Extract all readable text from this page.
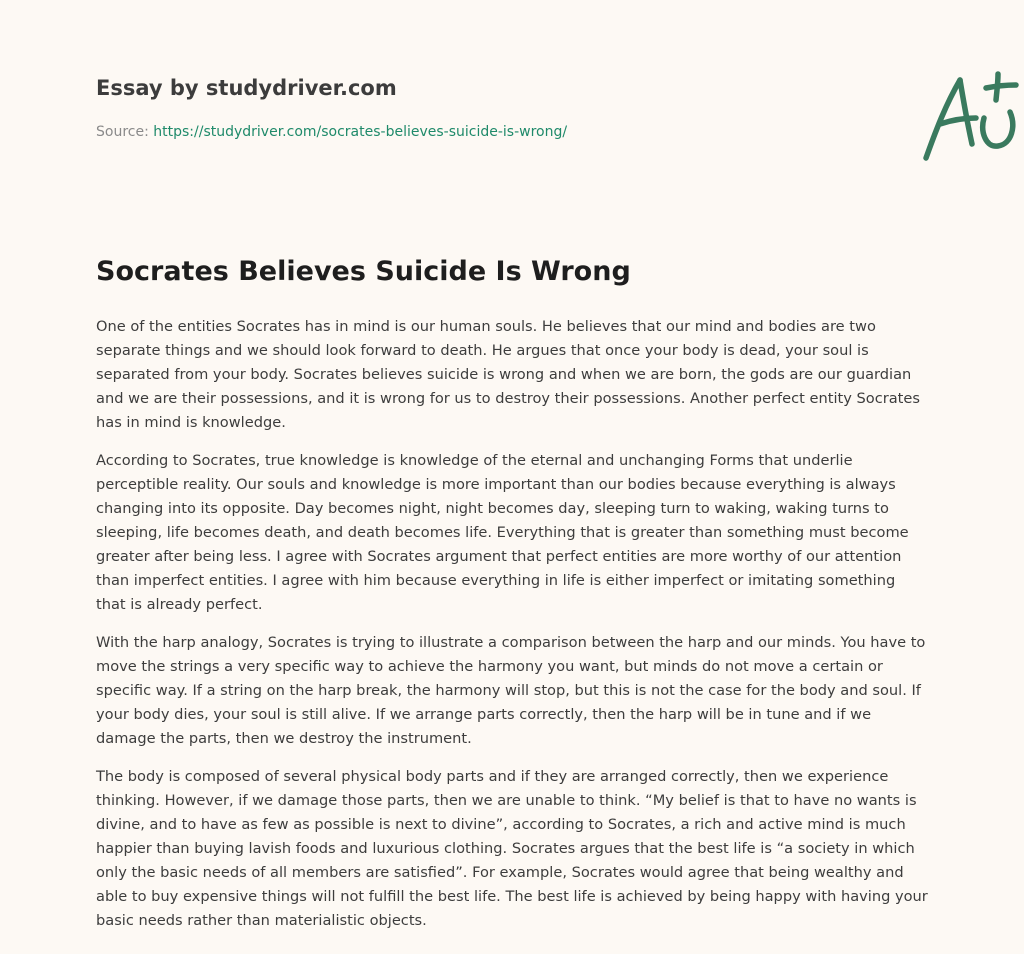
Essay by studydriver.com
Source: https://studydriver.com/socrates-believes-suicide-is-wrong/
Socrates Believes Suicide Is Wrong

One of the entities Socrates has in mind is our human souls. He believes that our mind and bodies are two separate things and we should look forward to death. He argues that once your body is dead, your soul is separated from your body. Socrates believes suicide is wrong and when we are born, the gods are our guardian and we are their possessions, and it is wrong for us to destroy their possessions. Another perfect entity Socrates has in mind is knowledge.

According to Socrates, true knowledge is knowledge of the eternal and unchanging Forms that underlie perceptible reality. Our souls and knowledge is more important than our bodies because everything is always changing into its opposite. Day becomes night, night becomes day, sleeping turn to waking, waking turns to sleeping, life becomes death, and death becomes life. Everything that is greater than something must become greater after being less. I agree with Socrates argument that perfect entities are more worthy of our attention than imperfect entities. I agree with him because everything in life is either imperfect or imitating something that is already perfect.

With the harp analogy, Socrates is trying to illustrate a comparison between the harp and our minds. You have to move the strings a very specific way to achieve the harmony you want, but minds do not move a certain or specific way. If a string on the harp break, the harmony will stop, but this is not the case for the body and soul. If your body dies, your soul is still alive. If we arrange parts correctly, then the harp will be in tune and if we damage the parts, then we destroy the instrument.

The body is composed of several physical body parts and if they are arranged correctly, then we experience thinking. However, if we damage those parts, then we are unable to think. “My belief is that to have no wants is divine, and to have as few as possible is next to divine”, according to Socrates, a rich and active mind is much happier than buying lavish foods and luxurious clothing. Socrates argues that the best life is “a society in which only the basic needs of all members are satisfied”. For example, Socrates would agree that being wealthy and able to buy expensive things will not fulfill the best life. The best life is achieved by being happy with having your basic needs rather than materialistic objects.
